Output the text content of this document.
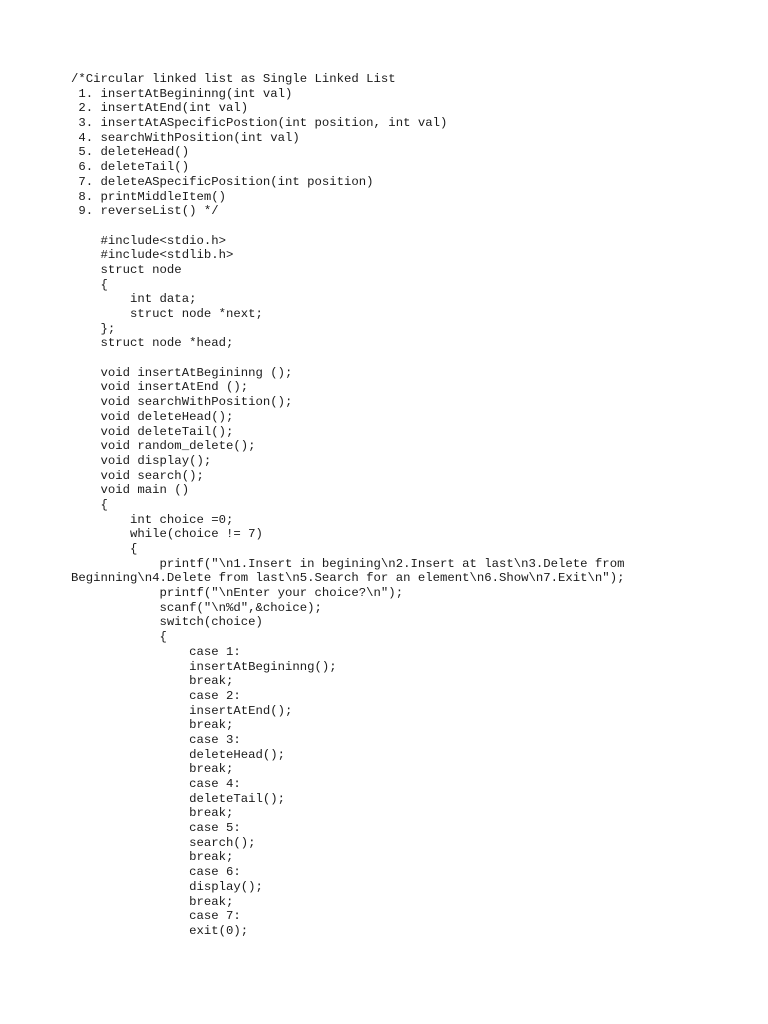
/*Circular linked list as Single Linked List
1. insertAtBegininng(int val)
2. insertAtEnd(int val)
3. insertAtASpecificPostion(int position, int val)
4. searchWithPosition(int val)
5. deleteHead()
6. deleteTail()
7. deleteASpecificPosition(int position)
8. printMiddleItem()
9. reverseList() */
#include<stdio.h>
#include<stdlib.h>
struct node
{
int data;
struct node *next;
};
struct node *head;
void insertAtBegininng ();
void insertAtEnd ();
void searchWithPosition();
void deleteHead();
void deleteTail();
void random_delete();
void display();
void search();
void main ()
{
int choice =0;
while(choice != 7)
{
printf("\n1.Insert in begining\n2.Insert at last\n3.Delete from
Beginning\n4.Delete from last\n5.Search for an element\n6.Show\n7.Exit\n");
printf("\nEnter your choice?\n");
scanf("\n%d",&choice);
switch(choice)
{
case 1:
insertAtBegininng();
break;
case 2:
insertAtEnd();
break;
case 3:
deleteHead();
break;
case 4:
deleteTail();
break;
case 5:
search();
break;
case 6:
display();
break;
case 7:
exit(0);
